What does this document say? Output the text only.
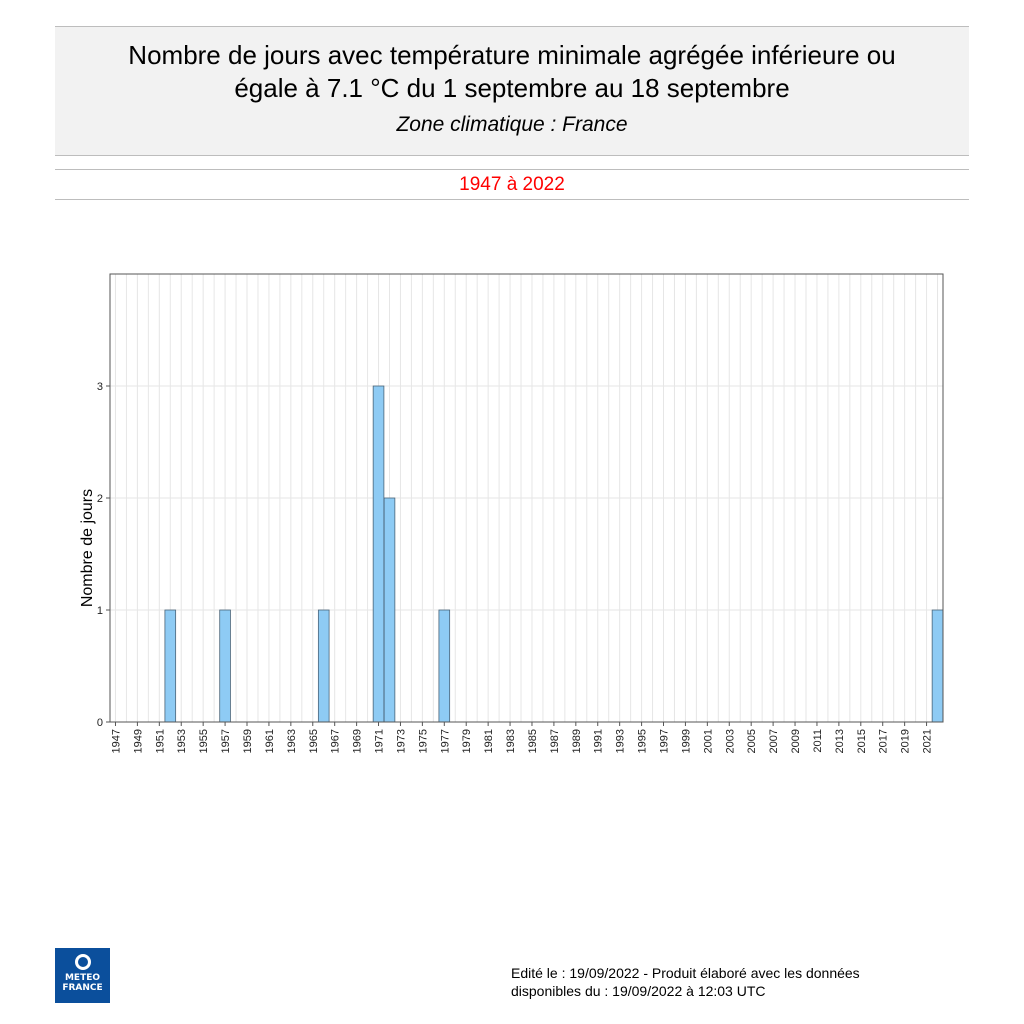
Nombre de jours avec température minimale agrégée inférieure ou
égale à 7.1 °C du 1 septembre au 18 septembre
Zone climatique : France
1947 à 2022
0
1
2
3
1947 1949 1951 1953 1955 1957 1959 1961 1963 1965 1967 1969 1971 1973 1975 1977 1979 1981 1983 1985 1987 1989 1991 1993 1995 1997 1999 2001 2003 2005 2007 2009 2011 2013 2015 2017 2019 2021
Nombre de jours
METEO
FRANCE
Edité le : 19/09/2022 - Produit élaboré avec les données
disponibles du : 19/09/2022 à 12:03 UTC
